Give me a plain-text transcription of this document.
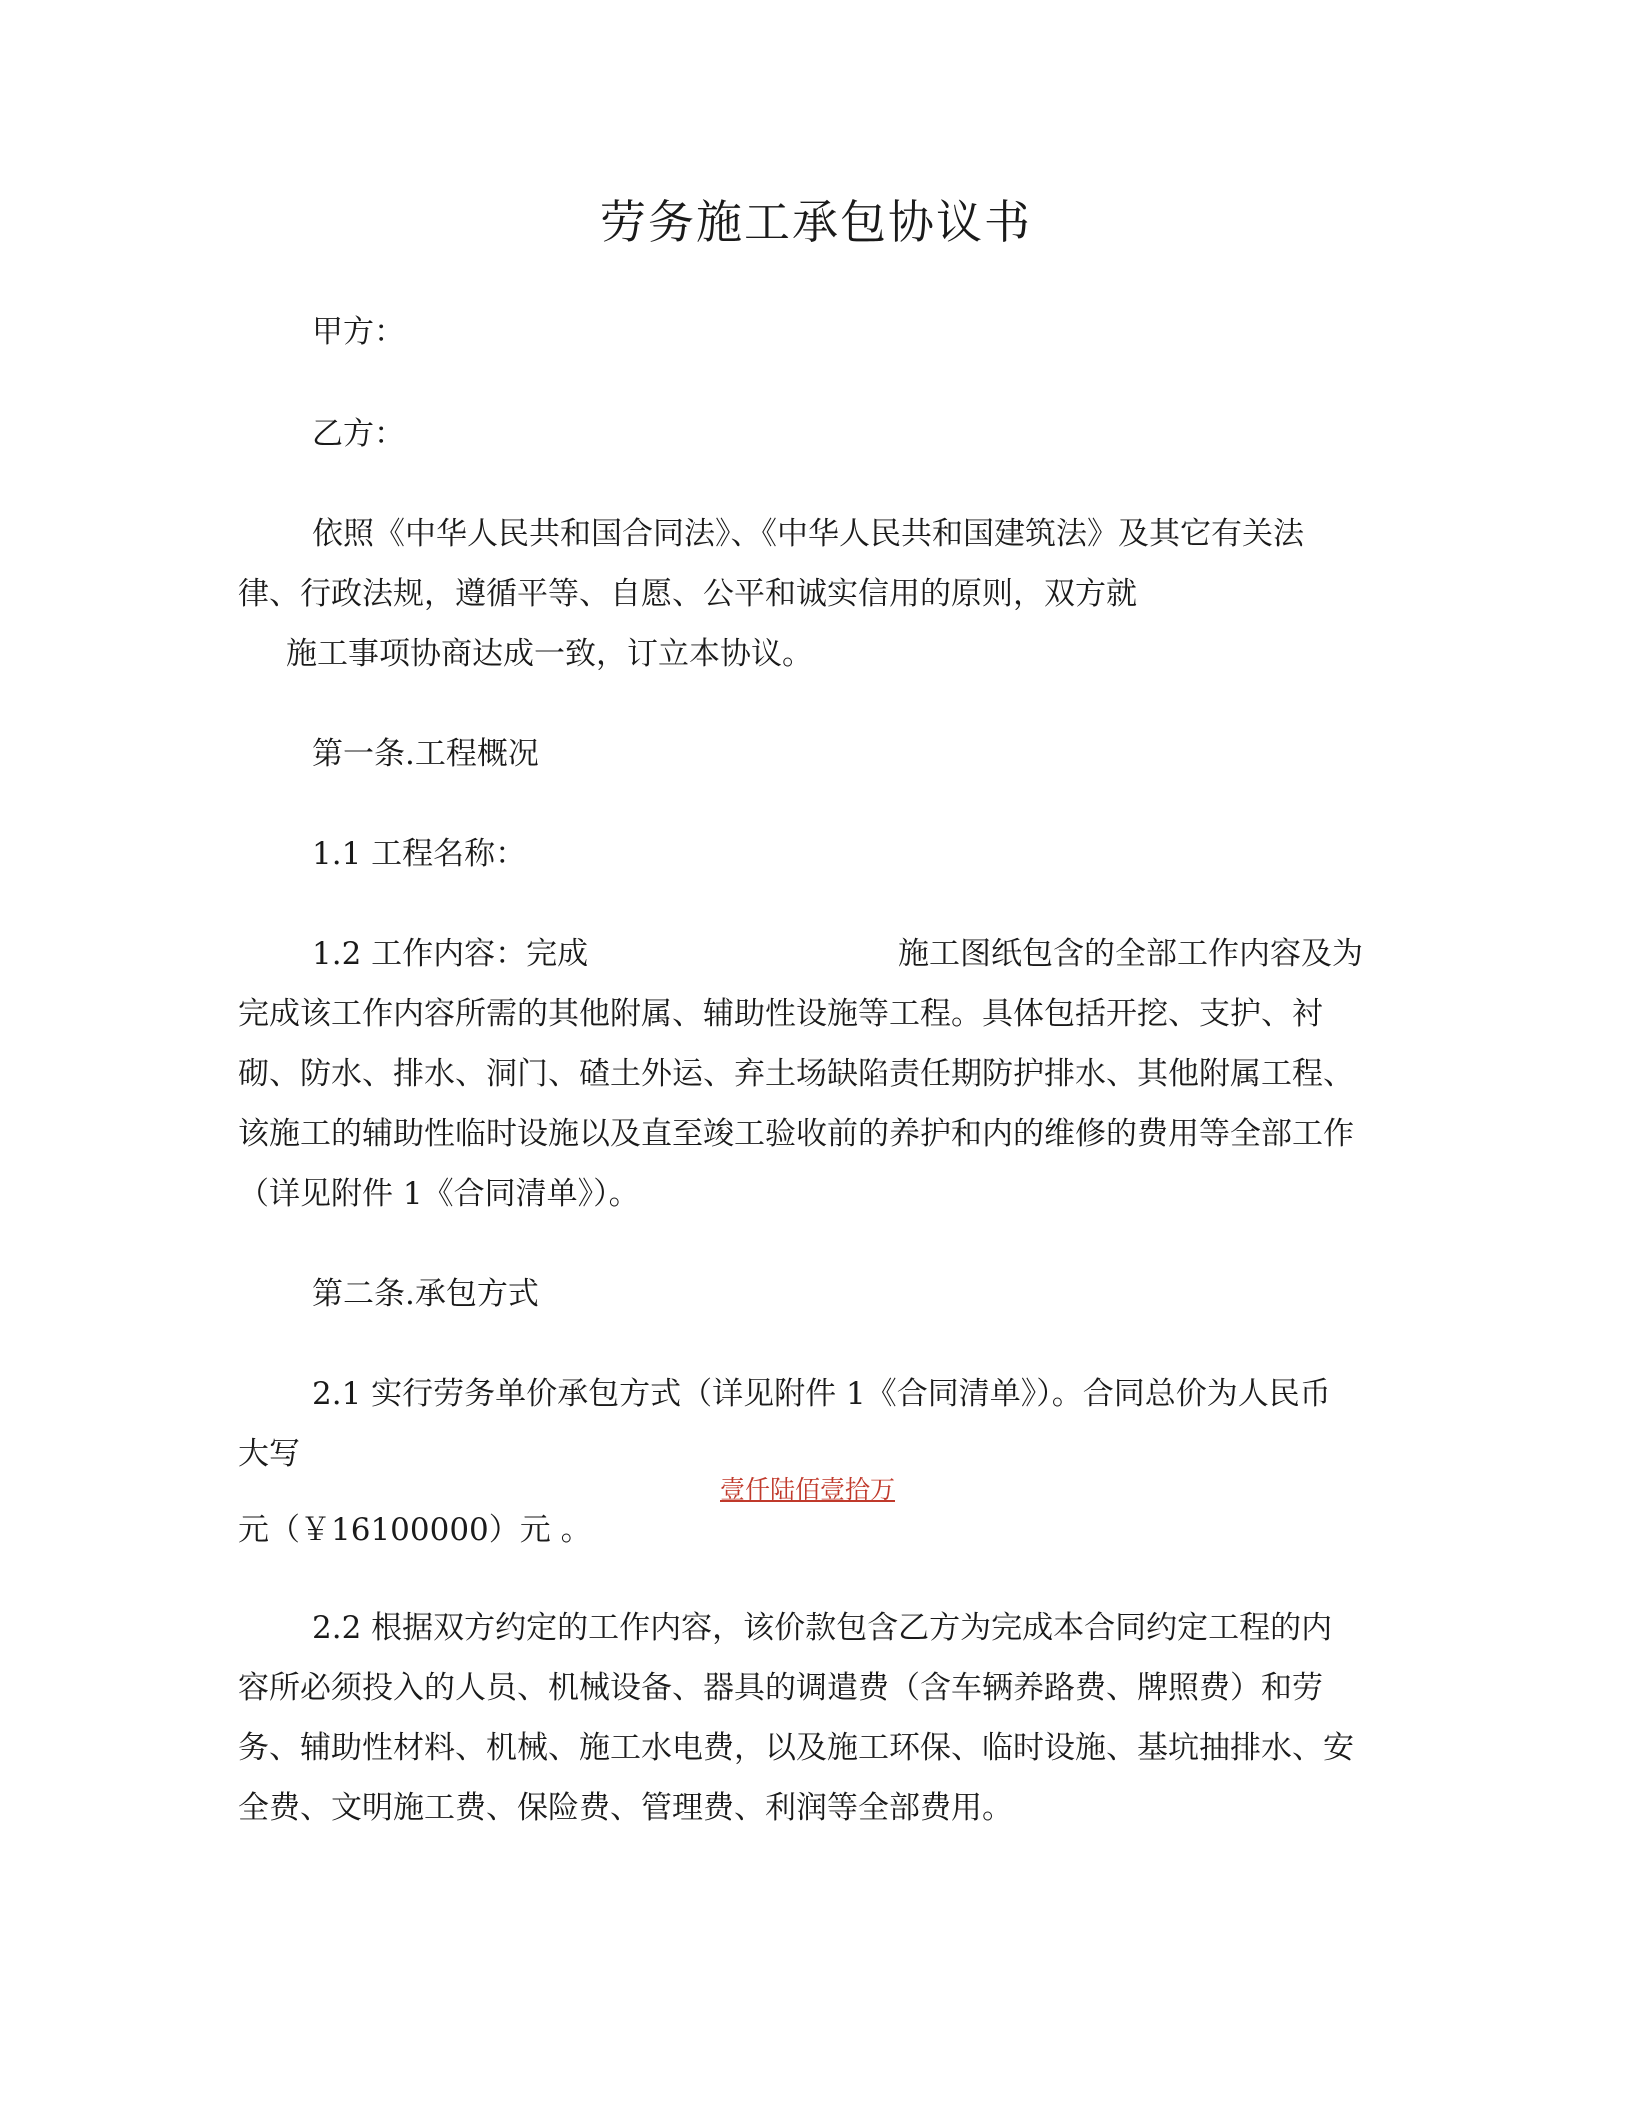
劳务施工承包协议书
甲方：
乙方：
依照《中华人民共和国合同法》、《中华人民共和国建筑法》及其它有关法
律、行政法规，遵循平等、自愿、公平和诚实信用的原则，双方就
施工事项协商达成一致，订立本协议。
第一条.工程概况
1.1 工程名称：
1.2 工作内容：完成	施工图纸包含的全部工作内容及为

完成该工作内容所需的其他附属、辅助性设施等工程。具体包括开挖、支护、衬

砌、防水、排水、洞门、碴土外运、弃土场缺陷责任期防护排水、其他附属工程、

该施工的辅助性临时设施以及直至竣工验收前的养护和内的维修的费用等全部工作

（详见附件 1《合同清单》）。

第二条.承包方式
2.1 实行劳务单价承包方式（详见附件 1《合同清单》）。合同总价为人民币
大写
壹仟陆佰壹拾万
元（￥16100000）元 。
2.2 根据双方约定的工作内容，该价款包含乙方为完成本合同约定工程的内

容所必须投入的人员、机械设备、器具的调遣费（含车辆养路费、牌照费）和劳

务、辅助性材料、机械、施工水电费，以及施工环保、临时设施、基坑抽排水、安

全费、文明施工费、保险费、管理费、利润等全部费用。
